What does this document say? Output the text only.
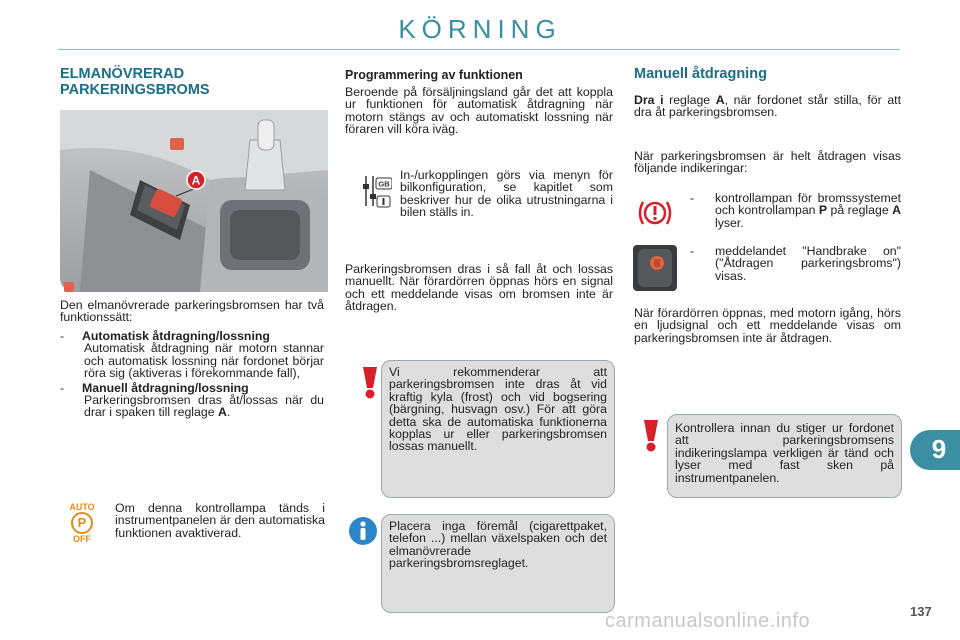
KÖRNING
ELMANÖVRERAD
PARKERINGSBROMS
A
Den elmanövrerade parkeringsbromsen har två funktionssätt:
- Automatisk åtdragning/lossning
Automatisk åtdragning när motorn stannar och automatisk lossning när fordonet börjar röra sig (aktiveras i förekommande fall),
- Manuell åtdragning/lossning
Parkeringsbromsen dras åt/lossas när du drar i spaken till reglage A.
AUTO
P
OFF
Om denna kontrollampa tänds i instrumentpanelen är den automatiska funktionen avaktiverad.
Programmering av funktionen
Beroende på försäljningsland går det att koppla ur funktionen för automatisk åtdragning när motorn stängs av och automatiskt lossning när föraren vill köra iväg.
GB
In-/urkopplingen görs via menyn för bilkonfiguration, se kapitlet som beskriver hur de olika utrustningarna i bilen ställs in.
Parkeringsbromsen dras i så fall åt och lossas manuellt. När förardörren öppnas hörs en signal och ett meddelande visas om bromsen inte är åtdragen.
Vi rekommenderar att parkeringsbromsen inte dras åt vid kraftig kyla (frost) och vid bogsering (bärgning, husvagn osv.) För att göra detta ska de automatiska funktionerna kopplas ur eller parkeringsbromsen lossas manuellt.
Placera inga föremål (cigarettpaket, telefon ...) mellan växelspaken och det elmanövrerade parkeringsbromsreglaget.
Manuell åtdragning
Dra i reglage A, när fordonet står stilla, för att dra åt parkeringsbromsen.
När parkeringsbromsen är helt åtdragen visas följande indikeringar:
- kontrollampan för bromssystemet och kontrollampan P på reglage A lyser.
- meddelandet "Handbrake on" ("Åtdragen parkeringsbroms") visas.
När förardörren öppnas, med motorn igång, hörs en ljudsignal och ett meddelande visas om parkeringsbromsen inte är åtdragen.
Kontrollera innan du stiger ur fordonet att parkeringsbromsens indikeringslampa verkligen är tänd och lyser med fast sken på instrumentpanelen.
9
carmanualsonline.info	137
